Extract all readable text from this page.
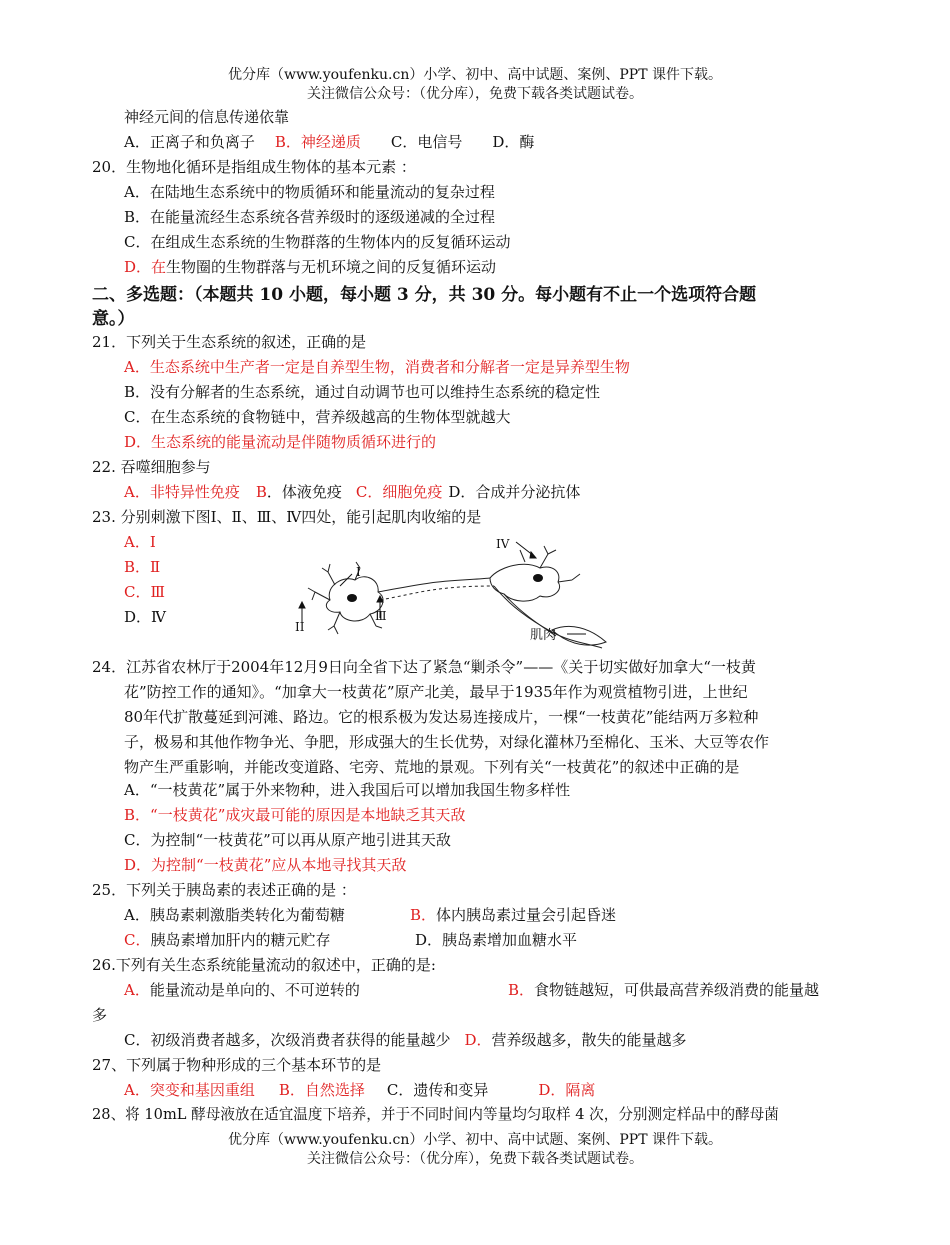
优分库（www.youfenku.cn）小学、初中、高中试题、案例、PPT 课件下载。
关注微信公众号：（优分库），免费下载各类试题试卷。
神经元间的信息传递依靠
A．正离子和负离子 B．神经递质 C．电信号 D．酶
20．生物地化循环是指组成生物体的基本元素 ：
A．在陆地生态系统中的物质循环和能量流动的复杂过程
B．在能量流经生态系统各营养级时的逐级递减的全过程
C．在组成生态系统的生物群落的生物体内的反复循环运动
D．在生物圈的生物群落与无机环境之间的反复循环运动
二、多选题：（本题共 10 小题，每小题 3 分，共 30 分。每小题有不止一个选项符合题
意。）
21．下列关于生态系统的叙述，正确的是
A．生态系统中生产者一定是自养型生物，消费者和分解者一定是异养型生物
B．没有分解者的生态系统，通过自动调节也可以维持生态系统的稳定性
C．在生态系统的食物链中，营养级越高的生物体型就越大
D．生态系统的能量流动是伴随物质循环进行的
22. 吞噬细胞参与
A．非特异性免疫 B．体液免疫 C．细胞免疫 D．合成并分泌抗体
23. 分别刺激下图Ⅰ、Ⅱ、Ⅲ、Ⅳ四处，能引起肌肉收缩的是
A．Ⅰ
B．Ⅱ
C．Ⅲ
D．Ⅳ
I
II
Ⅲ
IV
肌肉
24．江苏省农林厅于2004年12月9日向全省下达了紧急“剿杀令”——《关于切实做好加拿大“一枝黄
花”防控工作的通知》。“加拿大一枝黄花”原产北美，最早于1935年作为观赏植物引进，上世纪
80年代扩散蔓延到河滩、路边。它的根系极为发达易连接成片，一棵“一枝黄花”能结两万多粒种
子，极易和其他作物争光、争肥，形成强大的生长优势，对绿化灌林乃至棉化、玉米、大豆等农作
物产生严重影响，并能改变道路、宅旁、荒地的景观。下列有关“一枝黄花”的叙述中正确的是
A．“一枝黄花”属于外来物种，进入我国后可以增加我国生物多样性
B．“一枝黄花”成灾最可能的原因是本地缺乏其天敌
C．为控制“一枝黄花”可以再从原产地引进其天敌
D．为控制“一枝黄花”应从本地寻找其天敌
25．下列关于胰岛素的表述正确的是 ：
A．胰岛素刺激脂类转化为葡萄糖	B．体内胰岛素过量会引起昏迷
C．胰岛素增加肝内的糖元贮存	D．胰岛素增加血糖水平
26.下列有关生态系统能量流动的叙述中，正确的是:
A．能量流动是单向的、不可逆转的	B．食物链越短，可供最高营养级消费的能量越
多
C．初级消费者越多，次级消费者获得的能量越少 D．营养级越多，散失的能量越多
27、下列属于物种形成的三个基本环节的是
A．突变和基因重组 B．自然选择 C．遗传和变异	D．隔离
28、将 10mL 酵母液放在适宜温度下培养，并于不同时间内等量均匀取样 4 次，分别测定样品中的酵母菌
优分库（www.youfenku.cn）小学、初中、高中试题、案例、PPT 课件下载。
关注微信公众号：（优分库），免费下载各类试题试卷。
